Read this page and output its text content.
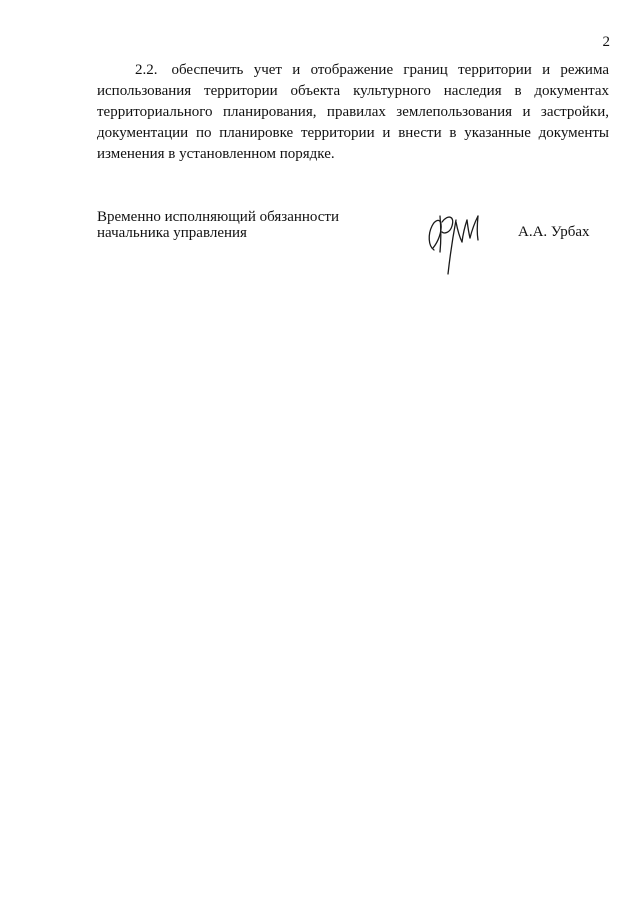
2
2.2. обеспечить учет и отображение границ территории и режима
использования территории объекта культурного наследия в документах
территориального планирования, правилах землепользования и застройки,
документации по планировке территории и внести в указанные документы
изменения в установленном порядке.
Временно исполняющий обязанности
начальника управления	А.А. Урбах
